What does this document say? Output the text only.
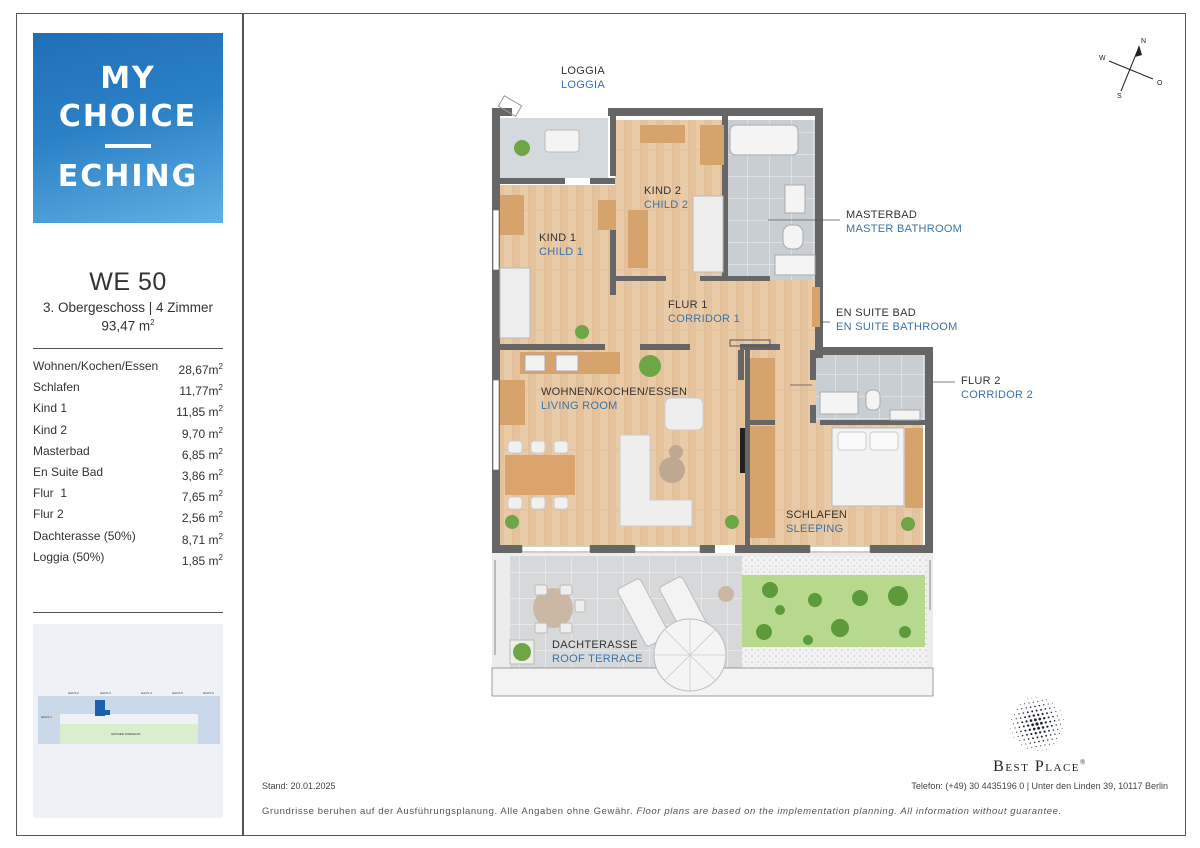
MY
CHOICE
ECHING
WE 50
3. Obergeschoss | 4 Zimmer
93,47 $m^2$
Wohnen/Kochen/Essen $28,67m^2$
Schlafen	$11,77m^2$
Kind 1	11,85 $m^2$
Kind 2	9,70 $m^2$
Masterbad	6,85 $m^2$
En Suite Bad	3,86 $m^2$
Flur  1	7,65 $m^2$
Flur 2	2,56 $m^2$
Dachterasse (50%)	8,71 $m^2$
Loggia (50%)	1,85 $m^2$
HAUS 1
HAUS 2	HAUS 3	HAUS 4	HAUS 5	HAUS 6
GRÜNER INNENHOF
LOGGIA
LOGGIA
KIND 2
CHILD 2
KIND 1
CHILD 1
MASTERBAD
MASTER BATHROOM
FLUR 1
CORRIDOR 1	EN SUITE BAD
EN SUITE BATHROOM
FLUR 2
CORRIDOR 2
WOHNEN/KOCHEN/ESSEN
LIVING ROOM
SCHLAFEN
SLEEPING
DACHTERASSE
ROOF TERRACE
N
O
S
W
Best Place®
Stand: 20.01.2025	Telefon: (+49) 30 4435196 0 | Unter den Linden 39, 10117 Berlin
Grundrisse beruhen auf der Ausführungsplanung. Alle Angaben ohne Gewähr. Floor plans are based on the implementation planning. All information without guarantee.
